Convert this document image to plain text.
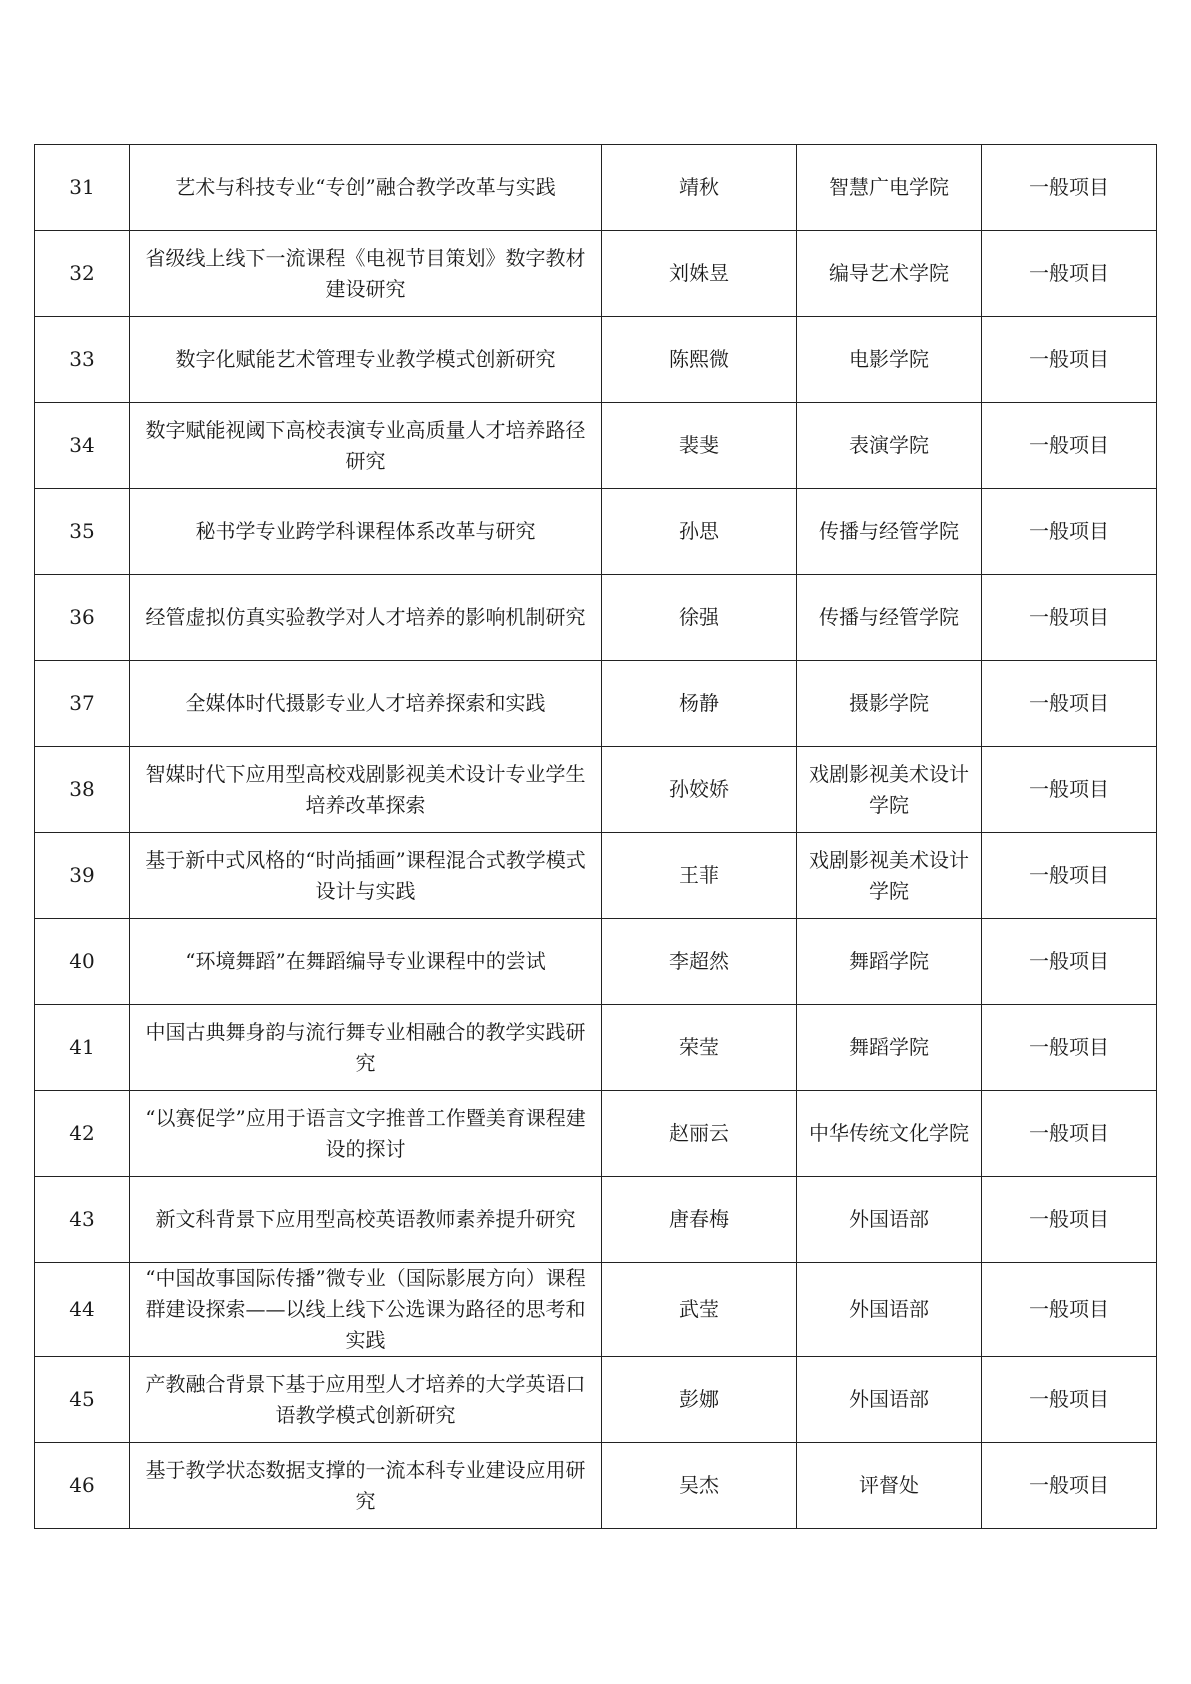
31	艺术与科技专业“专创”融合教学改革与实践	靖秋	智慧广电学院	一般项目
32	省级线上线下一流课程《电视节目策划》数字教材建设研究	刘姝昱	编导艺术学院	一般项目
33	数字化赋能艺术管理专业教学模式创新研究	陈熙微	电影学院	一般项目
34	数字赋能视阈下高校表演专业高质量人才培养路径研究	裴斐	表演学院	一般项目
35	秘书学专业跨学科课程体系改革与研究	孙思	传播与经管学院	一般项目
36	经管虚拟仿真实验教学对人才培养的影响机制研究	徐强	传播与经管学院	一般项目
37	全媒体时代摄影专业人才培养探索和实践	杨静	摄影学院	一般项目
38	智媒时代下应用型高校戏剧影视美术设计专业学生培养改革探索	孙姣娇	戏剧影视美术设计学院	一般项目
39	基于新中式风格的“时尚插画”课程混合式教学模式设计与实践	王菲	戏剧影视美术设计学院	一般项目
40	“环境舞蹈”在舞蹈编导专业课程中的尝试	李超然	舞蹈学院	一般项目
41	中国古典舞身韵与流行舞专业相融合的教学实践研究	荣莹	舞蹈学院	一般项目
42	“以赛促学”应用于语言文字推普工作暨美育课程建设的探讨	赵丽云	中华传统文化学院	一般项目
43	新文科背景下应用型高校英语教师素养提升研究	唐春梅	外国语部	一般项目
44	“中国故事国际传播”微专业（国际影展方向）课程群建设探索——以线上线下公选课为路径的思考和实践	武莹	外国语部	一般项目
45	产教融合背景下基于应用型人才培养的大学英语口语教学模式创新研究	彭娜	外国语部	一般项目
46	基于教学状态数据支撑的一流本科专业建设应用研究	吴杰	评督处	一般项目
